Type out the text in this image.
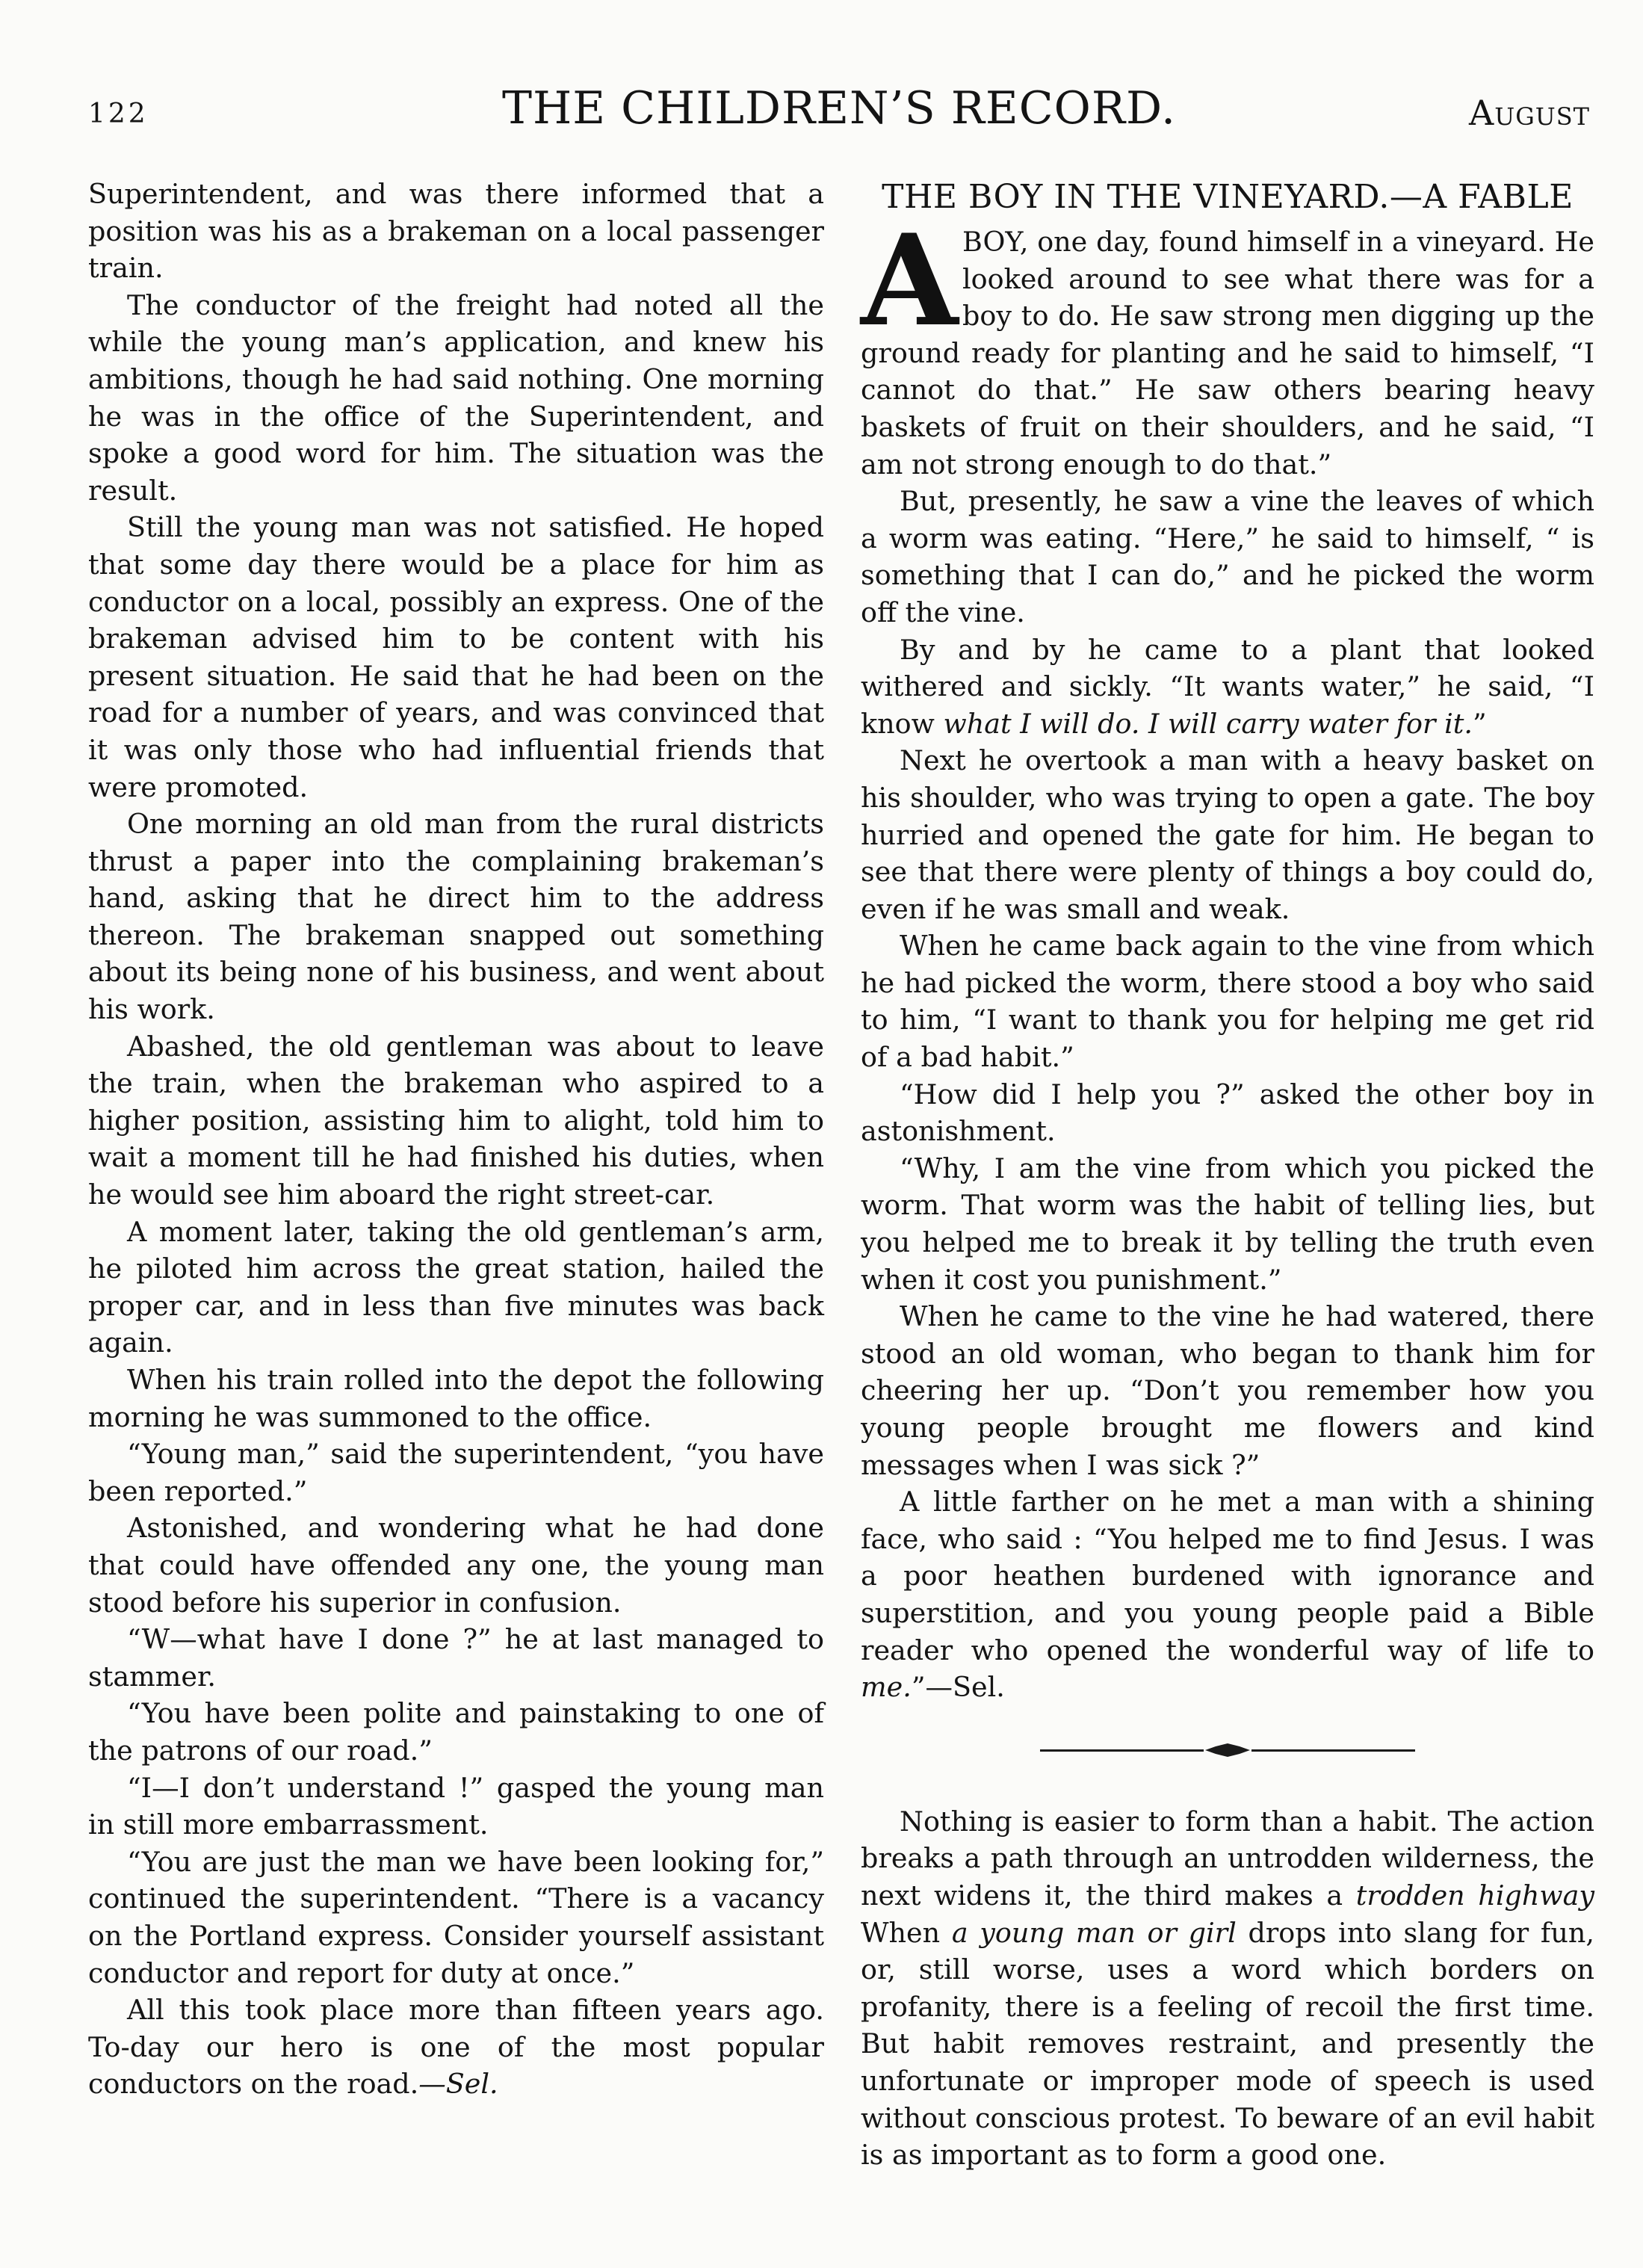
122	THE CHILDREN’S RECORD.	August

Superintendent, and was there informed that a position was his as a brakeman on a local passenger train.

The conductor of the freight had noted all the while the young man’s application, and knew his ambitions, though he had said nothing. One morning he was in the office of the Superintendent, and spoke a good word for him. The situation was the result.

Still the young man was not satisfied. He hoped that some day there would be a place for him as conductor on a local, possibly an express. One of the brakeman advised him to be content with his present situation. He said that he had been on the road for a number of years, and was convinced that it was only those who had influential friends that were promoted.

One morning an old man from the rural districts thrust a paper into the complaining brakeman’s hand, asking that he direct him to the address thereon. The brakeman snapped out something about its being none of his business, and went about his work.

Abashed, the old gentleman was about to leave the train, when the brakeman who aspired to a higher position, assisting him to alight, told him to wait a moment till he had finished his duties, when he would see him aboard the right street-car.

A moment later, taking the old gentleman’s arm, he piloted him across the great station, hailed the proper car, and in less than five minutes was back again.

When his train rolled into the depot the following morning he was summoned to the office.

“Young man,” said the superintendent, “you have been reported.”

Astonished, and wondering what he had done that could have offended any one, the young man stood before his superior in confusion.

“W—what have I done ?” he at last managed to stammer.

“You have been polite and painstaking to one of the patrons of our road.”

“I—I don’t understand !” gasped the young man in still more embarrassment.

“You are just the man we have been looking for,” continued the superintendent. “There is a vacancy on the Portland express. Consider yourself assistant conductor and report for duty at once.”

All this took place more than fifteen years ago. To-day our hero is one of the most popular conductors on the road.—Sel.

THE BOY IN THE VINEYARD.—A FABLE
A BOY, one day, found himself in a vineyard. He looked around to see what there was for a boy to do. He saw strong men digging up the ground ready for planting and he said to himself, “I cannot do that.” He saw others bearing heavy baskets of fruit on their shoulders, and he said, “I am not strong enough to do that.”

But, presently, he saw a vine the leaves of which a worm was eating. “Here,” he said to himself, “ is something that I can do,” and he picked the worm off the vine.

By and by he came to a plant that looked withered and sickly. “It wants water,” he said, “I know what I will do. I will carry water for it.”

Next he overtook a man with a heavy basket on his shoulder, who was trying to open a gate. The boy hurried and opened the gate for him. He began to see that there were plenty of things a boy could do, even if he was small and weak.

When he came back again to the vine from which he had picked the worm, there stood a boy who said to him, “I want to thank you for helping me get rid of a bad habit.”

“How did I help you ?” asked the other boy in astonishment.

“Why, I am the vine from which you picked the worm. That worm was the habit of telling lies, but you helped me to break it by telling the truth even when it cost you punishment.”

When he came to the vine he had watered, there stood an old woman, who began to thank him for cheering her up. “Don’t you remember how you young people brought me flowers and kind messages when I was sick ?”

A little farther on he met a man with a shining face, who said : “You helped me to find Jesus. I was a poor heathen burdened with ignorance and superstition, and you young people paid a Bible reader who opened the wonderful way of life to me.”—Sel.

Nothing is easier to form than a habit. The action breaks a path through an untrodden wilderness, the next widens it, the third makes a trodden highway When a young man or girl drops into slang for fun, or, still worse, uses a word which borders on profanity, there is a feeling of recoil the first time. But habit removes restraint, and presently the unfortunate or improper mode of speech is used without conscious protest. To beware of an evil habit is as important as to form a good one.
